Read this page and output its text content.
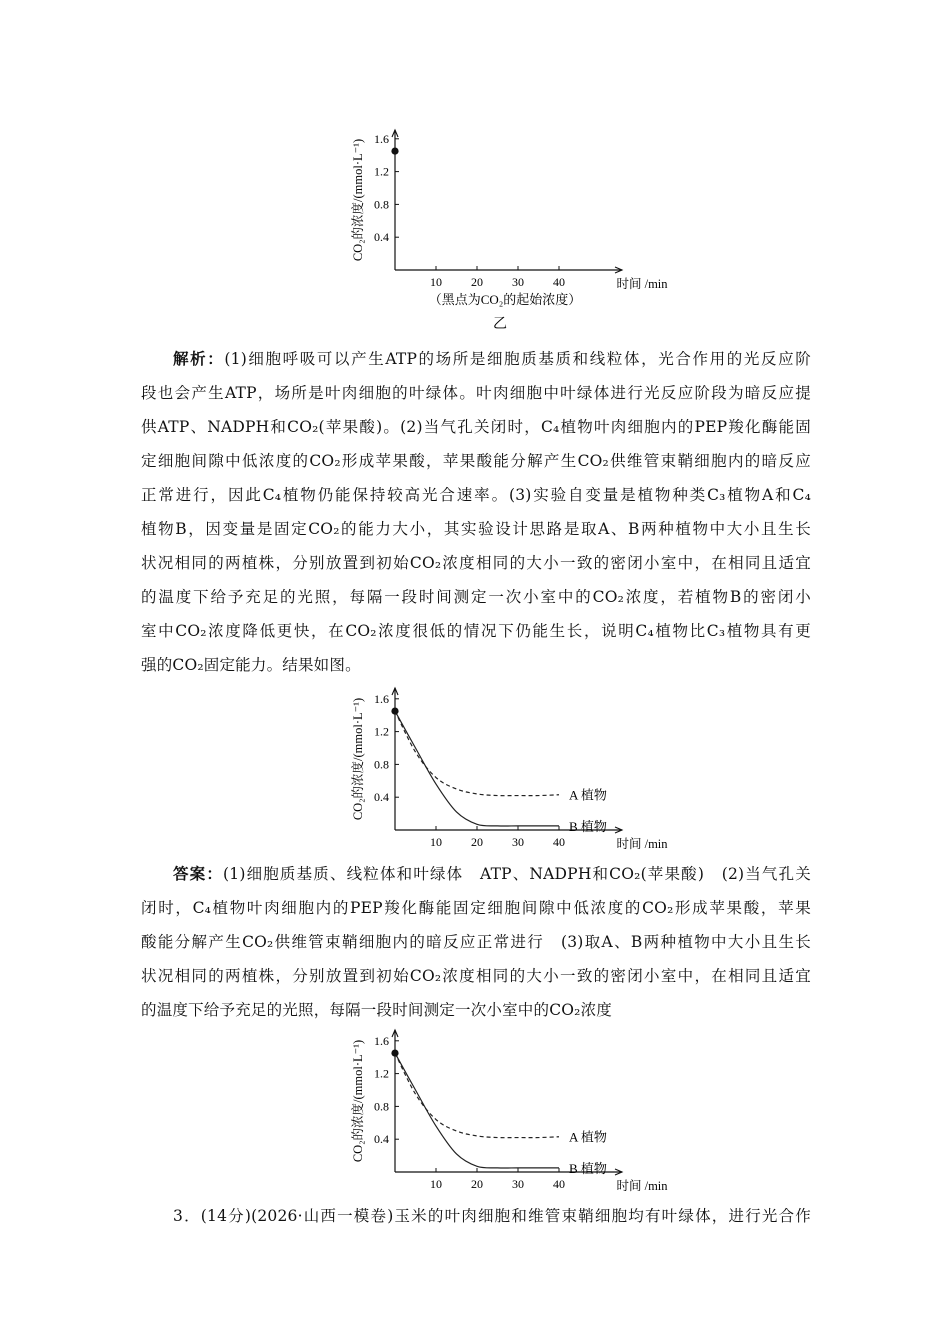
1.6
1.2
0.8
0.4
10 20 30 40	时间 /min
CO₂的浓度/(mmol·L⁻¹)
（黑点为CO₂的起始浓度）
乙

解析：(1)细胞呼吸可以产生ATP的场所是细胞质基质和线粒体，光合作用的光反应阶

段也会产生ATP，场所是叶肉细胞的叶绿体。叶肉细胞中叶绿体进行光反应阶段为暗反应提

供ATP、NADPH和CO₂(苹果酸)。(2)当气孔关闭时，C₄植物叶肉细胞内的PEP羧化酶能固

定细胞间隙中低浓度的CO₂形成苹果酸，苹果酸能分解产生CO₂供维管束鞘细胞内的暗反应

正常进行，因此C₄植物仍能保持较高光合速率。(3)实验自变量是植物种类C₃植物A和C₄

植物B，因变量是固定CO₂的能力大小，其实验设计思路是取A、B两种植物中大小且生长

状况相同的两植株，分别放置到初始CO₂浓度相同的大小一致的密闭小室中，在相同且适宜

的温度下给予充足的光照，每隔一段时间测定一次小室中的CO₂浓度，若植物B的密闭小

室中CO₂浓度降低更快，在CO₂浓度很低的情况下仍能生长，说明C₄植物比C₃植物具有更

强的CO₂固定能力。结果如图。

1.6
1.2
0.8
0.4
10 20 30 40	时间 /min
CO₂的浓度/(mmol·L⁻¹)	A 植物
B 植物

答案：(1)细胞质基质、线粒体和叶绿体　ATP、NADPH和CO₂(苹果酸)　(2)当气孔关

闭时，C₄植物叶肉细胞内的PEP羧化酶能固定细胞间隙中低浓度的CO₂形成苹果酸，苹果

酸能分解产生CO₂供维管束鞘细胞内的暗反应正常进行　(3)取A、B两种植物中大小且生长

状况相同的两植株，分别放置到初始CO₂浓度相同的大小一致的密闭小室中，在相同且适宜

的温度下给予充足的光照，每隔一段时间测定一次小室中的CO₂浓度

1.6
1.2
0.8
0.4
10 20 30 40	时间 /min
CO₂的浓度/(mmol·L⁻¹)	A 植物
B 植物

3．(14分)(2026·山西一模卷)玉米的叶肉细胞和维管束鞘细胞均有叶绿体，进行光合作
